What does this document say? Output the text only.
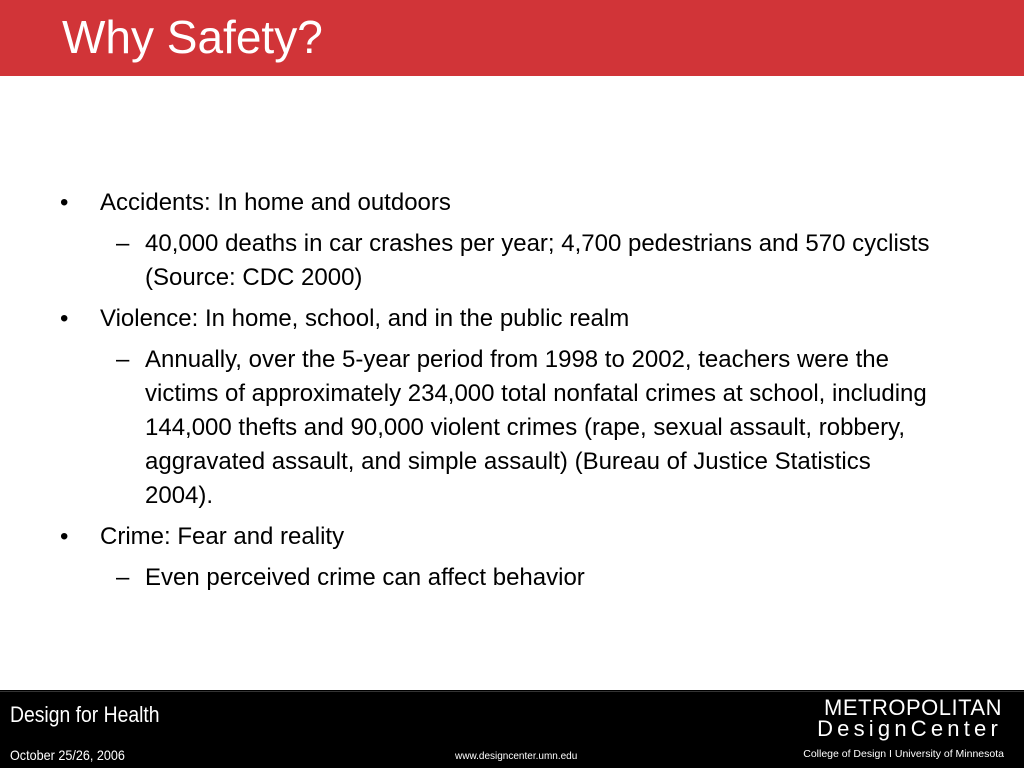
Why Safety?
•	Accidents: In home and outdoors
– 40,000 deaths in car crashes per year; 4,700 pedestrians and 570 cyclists (Source: CDC 2000)
•	Violence: In home, school, and in the public realm
– Annually, over the 5-year period from 1998 to 2002, teachers were the victims of approximately 234,000 total nonfatal crimes at school, including 144,000 thefts and 90,000 violent crimes (rape, sexual assault, robbery, aggravated assault, and simple assault) (Bureau of Justice Statistics 2004).
•	Crime: Fear and reality
– Even perceived crime can affect behavior
Design for Health
October 25/26, 2006	www.designcenter.umn.edu
METROPOLITAN
DesignCenter
College of Design I University of Minnesota
